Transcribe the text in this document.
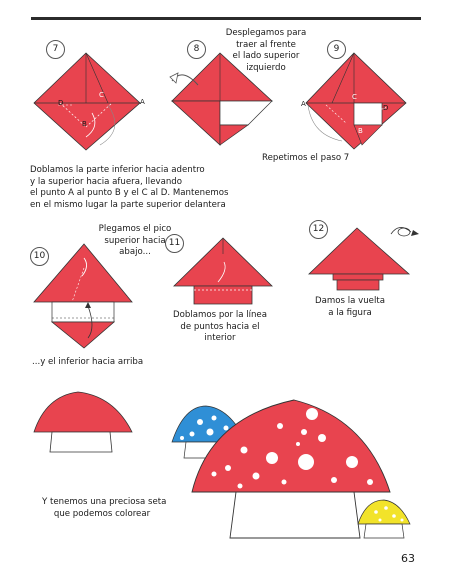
7	8	9
10
11
12
D
C
B
A	A
C
D
B
Desplegamos para
traer al frente
el lado superior
izquierdo
Repetimos el paso 7
Doblamos la parte inferior hacia adentro
y la superior hacia afuera, llevando
el punto A al punto B y el C al D. Mantenemos
en el mismo lugar la parte superior delantera
Plegamos el pico
superior hacia
abajo...
...y el inferior hacia arriba
Doblamos por la línea
de puntos hacia el
interior
Damos la vuelta
a la figura
Y tenemos una preciosa seta
que podemos colorear
63
